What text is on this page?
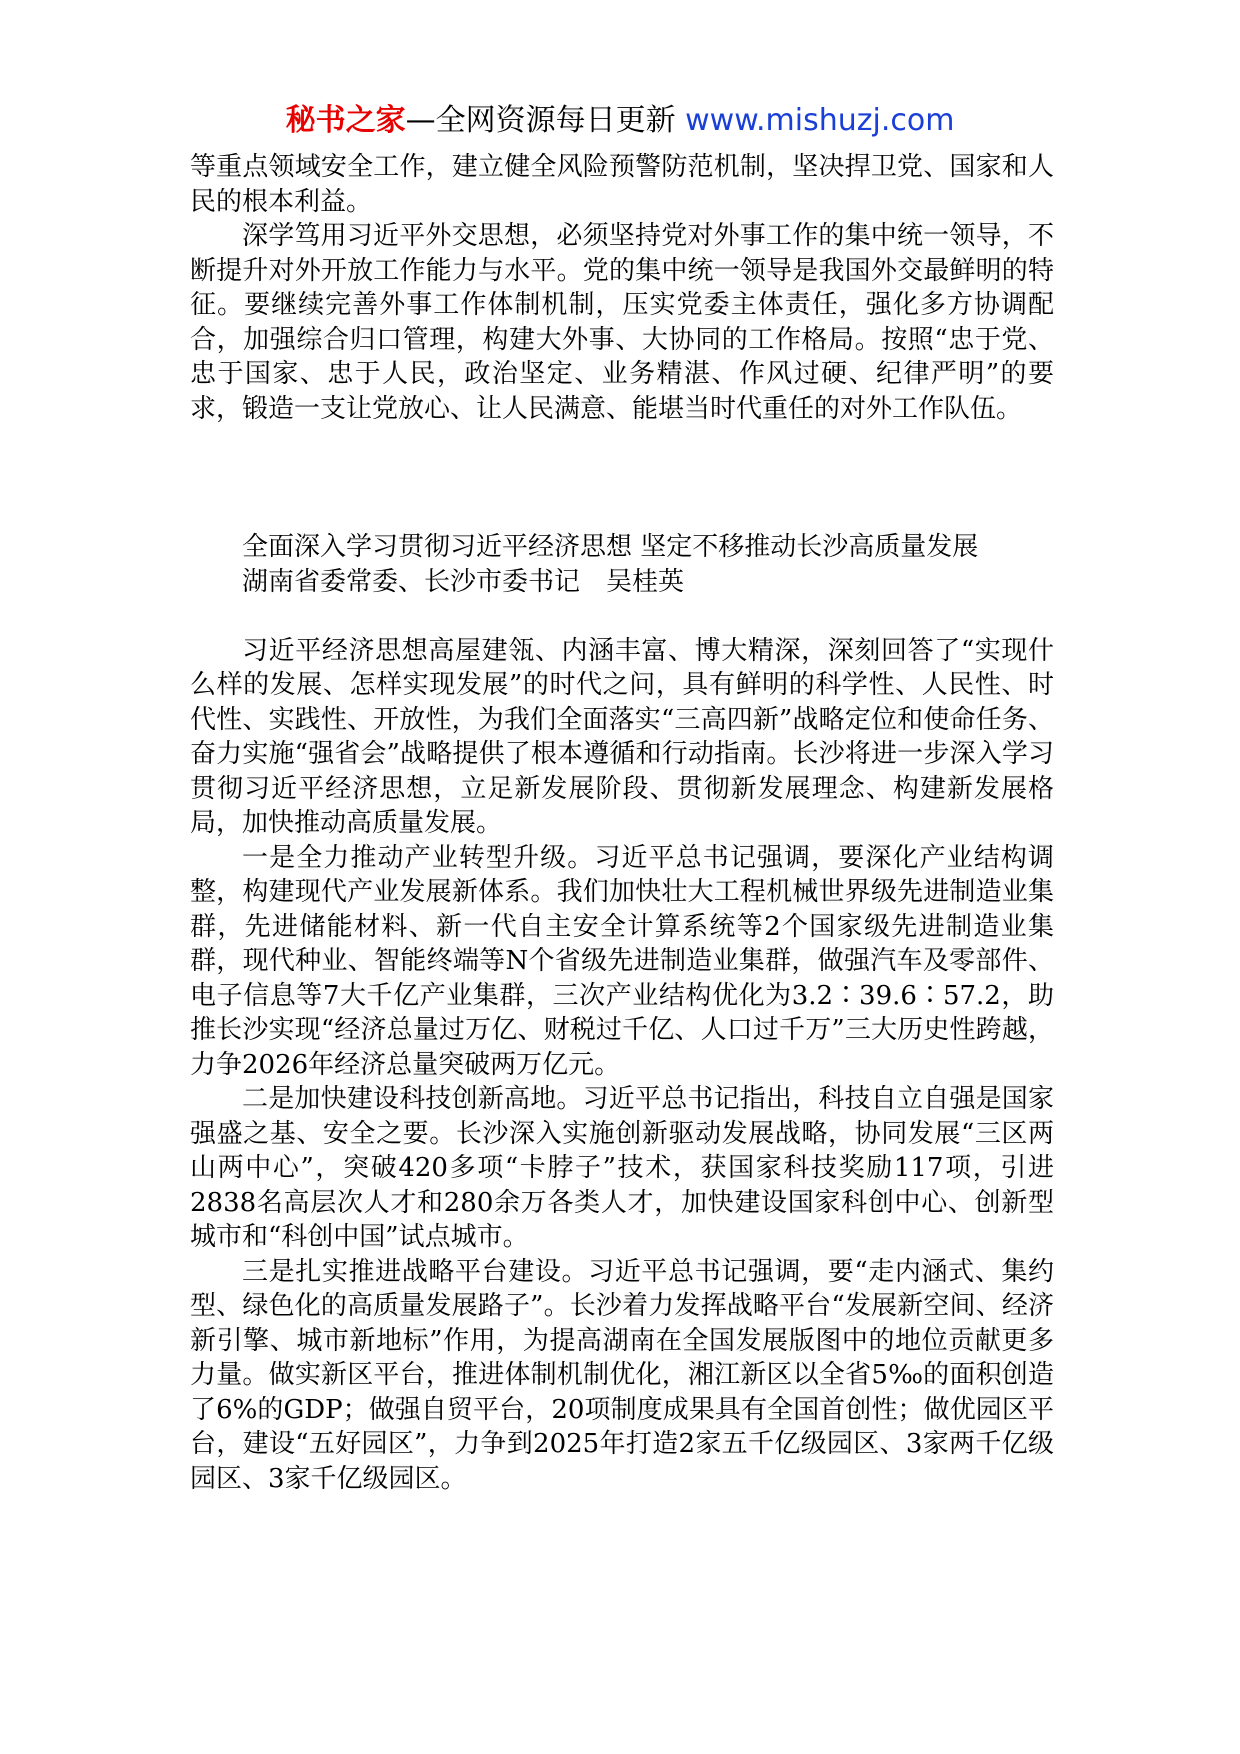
秘书之家—全网资源每日更新 www.mishuzj.com

等重点领域安全工作，建立健全风险预警防范机制，坚决捍卫党、国家和人民的根本利益。

深学笃用习近平外交思想，必须坚持党对外事工作的集中统一领导，不断提升对外开放工作能力与水平。党的集中统一领导是我国外交最鲜明的特征。要继续完善外事工作体制机制，压实党委主体责任，强化多方协调配合，加强综合归口管理，构建大外事、大协同的工作格局。按照“忠于党、忠于国家、忠于人民，政治坚定、业务精湛、作风过硬、纪律严明”的要求，锻造一支让党放心、让人民满意、能堪当时代重任的对外工作队伍。

全面深入学习贯彻习近平经济思想 坚定不移推动长沙高质量发展

湖南省委常委、长沙市委书记　吴桂英

习近平经济思想高屋建瓴、内涵丰富、博大精深，深刻回答了“实现什么样的发展、怎样实现发展”的时代之问，具有鲜明的科学性、人民性、时代性、实践性、开放性，为我们全面落实“三高四新”战略定位和使命任务、奋力实施“强省会”战略提供了根本遵循和行动指南。长沙将进一步深入学习贯彻习近平经济思想，立足新发展阶段、贯彻新发展理念、构建新发展格局，加快推动高质量发展。

一是全力推动产业转型升级。习近平总书记强调，要深化产业结构调整，构建现代产业发展新体系。我们加快壮大工程机械世界级先进制造业集群，先进储能材料、新一代自主安全计算系统等2个国家级先进制造业集群，现代种业、智能终端等N个省级先进制造业集群，做强汽车及零部件、电子信息等7大千亿产业集群，三次产业结构优化为3.2∶39.6∶57.2，助推长沙实现“经济总量过万亿、财税过千亿、人口过千万”三大历史性跨越，力争2026年经济总量突破两万亿元。

二是加快建设科技创新高地。习近平总书记指出，科技自立自强是国家强盛之基、安全之要。长沙深入实施创新驱动发展战略，协同发展“三区两山两中心”，突破420多项“卡脖子”技术，获国家科技奖励117项，引进2838名高层次人才和280余万各类人才，加快建设国家科创中心、创新型城市和“科创中国”试点城市。

三是扎实推进战略平台建设。习近平总书记强调，要“走内涵式、集约型、绿色化的高质量发展路子”。长沙着力发挥战略平台“发展新空间、经济新引擎、城市新地标”作用，为提高湖南在全国发展版图中的地位贡献更多力量。做实新区平台，推进体制机制优化，湘江新区以全省5‰的面积创造了6%的GDP；做强自贸平台，20项制度成果具有全国首创性；做优园区平台，建设“五好园区”，力争到2025年打造2家五千亿级园区、3家两千亿级园区、3家千亿级园区。
